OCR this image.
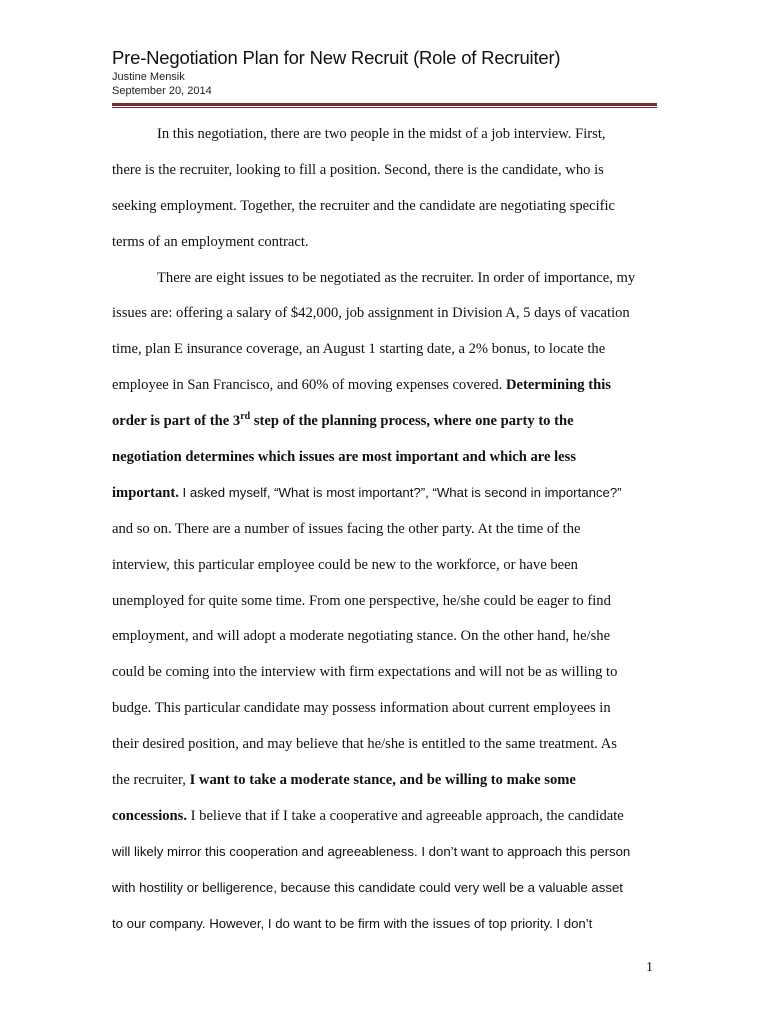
Pre-Negotiation Plan for New Recruit (Role of Recruiter)

Justine Mensik

September 20, 2014

In this negotiation, there are two people in the midst of a job interview. First,
there is the recruiter, looking to fill a position. Second, there is the candidate, who is
seeking employment. Together, the recruiter and the candidate are negotiating specific
terms of an employment contract.
There are eight issues to be negotiated as the recruiter. In order of importance, my
issues are: offering a salary of $42,000, job assignment in Division A, 5 days of vacation
time, plan E insurance coverage, an August 1 starting date, a 2% bonus, to locate the
employee in San Francisco, and 60% of moving expenses covered. Determining this
order is part of the 3rd step of the planning process, where one party to the
negotiation determines which issues are most important and which are less
important. I asked myself, “What is most important?”, “What is second in importance?”
and so on. There are a number of issues facing the other party. At the time of the
interview, this particular employee could be new to the workforce, or have been
unemployed for quite some time. From one perspective, he/she could be eager to find
employment, and will adopt a moderate negotiating stance. On the other hand, he/she
could be coming into the interview with firm expectations and will not be as willing to
budge. This particular candidate may possess information about current employees in
their desired position, and may believe that he/she is entitled to the same treatment. As
the recruiter, I want to take a moderate stance, and be willing to make some
concessions. I believe that if I take a cooperative and agreeable approach, the candidate
will likely mirror this cooperation and agreeableness. I don’t want to approach this person
with hostility or belligerence, because this candidate could very well be a valuable asset
to our company. However, I do want to be firm with the issues of top priority. I don’t
1
